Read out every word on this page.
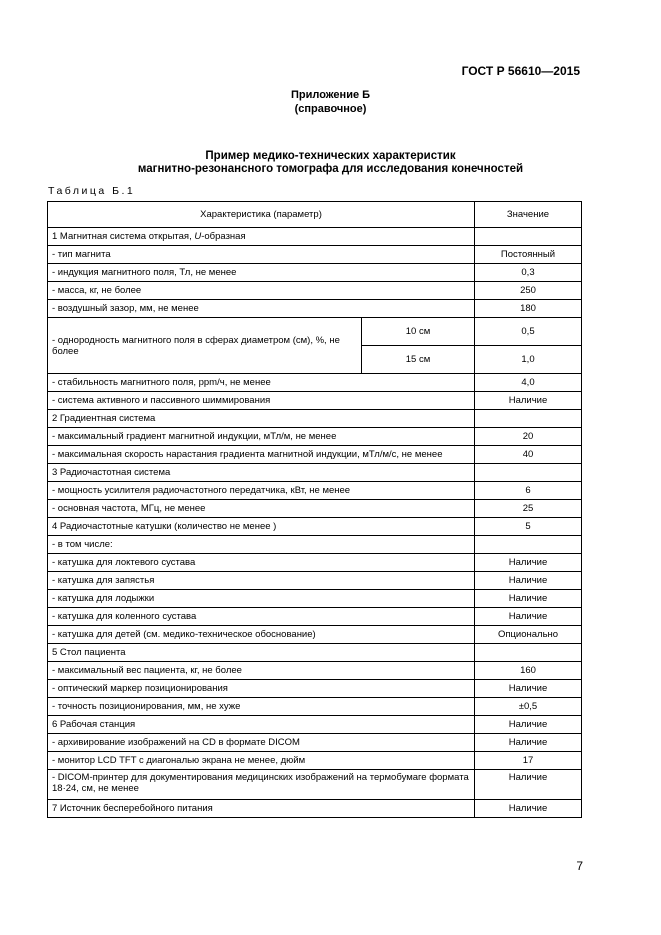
ГОСТ Р 56610—2015
Приложение Б
(справочное)
Пример медико-технических характеристик
магнитно-резонансного томографа для исследования конечностей
Таблица Б.1
Характеристика (параметр)		Значение
1 Магнитная система открытая, U-образная		
- тип магнита		Постоянный
- индукция магнитного поля, Тл, не менее		0,3
- масса, кг, не более		250
- воздушный зазор, мм, не менее		180
- однородность магнитного поля в сферах диаметром (см), %, не более	10 см	0,5
	15 см	1,0
- стабильность магнитного поля, ppm/ч, не менее		4,0
- система активного и пассивного шиммирования		Наличие
2 Градиентная система		
- максимальный градиент магнитной индукции, мТл/м, не менее		20
- максимальная скорость нарастания градиента магнитной индукции, мТл/м/с, не менее		40
3 Радиочастотная система		
- мощность усилителя радиочастотного передатчика, кВт, не менее		6
- основная частота, МГц, не менее		25
4 Радиочастотные катушки (количество не менее )		5
- в том числе:		
- катушка для локтевого сустава		Наличие
- катушка для запястья		Наличие
- катушка для лодыжки		Наличие
- катушка для коленного сустава		Наличие
- катушка для детей (см. медико-техническое обоснование)		Опционально
5 Стол пациента		
- максимальный вес пациента, кг, не более		160
- оптический маркер позиционирования		Наличие
- точность позиционирования, мм, не хуже		±0,5
6 Рабочая станция		Наличие
- архивирование изображений на CD в формате DICOM		Наличие
- монитор LCD TFT с диагональю экрана не менее, дюйм		17
- DICOM-принтер для документирования медицинских изображений на термобумаге формата 18·24, см, не менее		Наличие
7 Источник бесперебойного питания		Наличие
7
